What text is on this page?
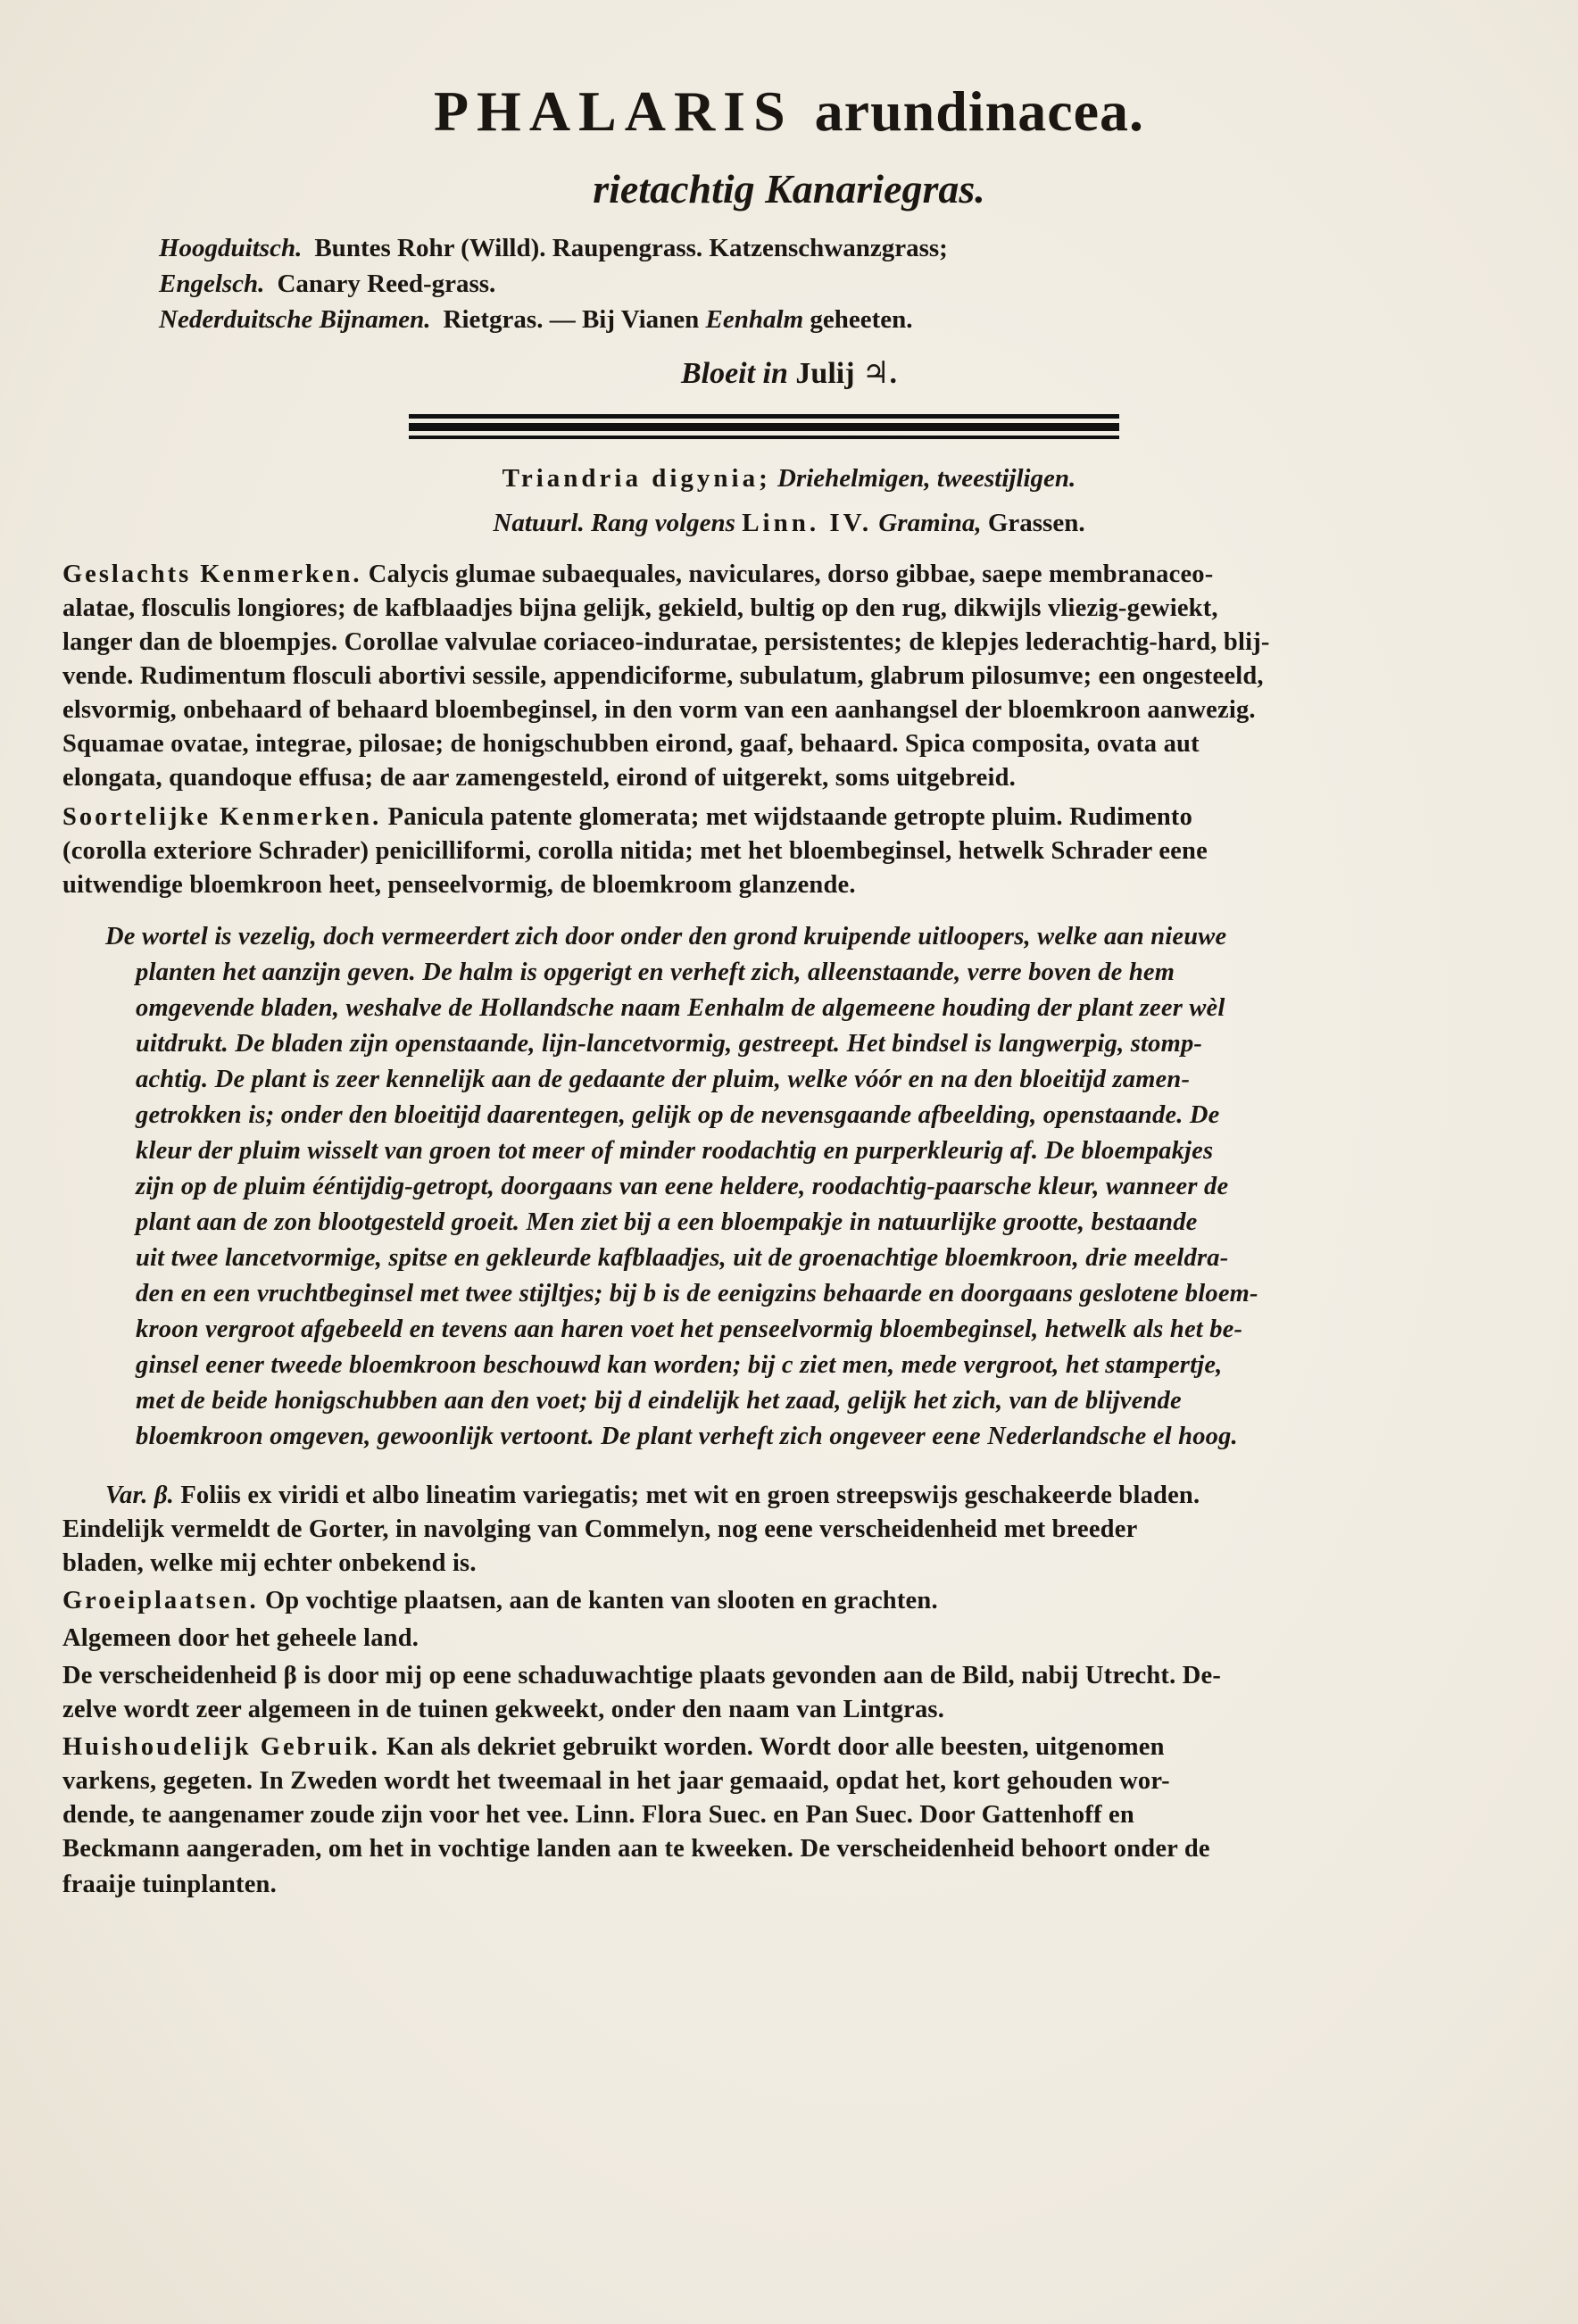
PHALARIS arundinacea.
rietachtig Kanariegras.
Hoogduitsch. Buntes Rohr (Willd). Raupengrass. Katzenschwanzgrass;
Engelsch. Canary Reed-grass.
Nederduitsche Bijnamen. Rietgras. — Bij Vianen Eenhalm geheeten.
Bloeit in Julij ♃.
Triandria digynia; Driehelmigen, tweestijligen.
Natuurl. Rang volgens Linn. IV. Gramina, Grassen.
Geslachts Kenmerken. Calycis glumae subaequales, naviculares, dorso gibbae, saepe membranaceo-
alatae, flosculis longiores; de kafblaadjes bijna gelijk, gekield, bultig op den rug, dikwijls vliezig-gewiekt,
langer dan de bloempjes. Corollae valvulae coriaceo-induratae, persistentes; de klepjes lederachtig-hard, blij-
vende. Rudimentum flosculi abortivi sessile, appendiciforme, subulatum, glabrum pilosumve; een ongesteeld,
elsvormig, onbehaard of behaard bloembeginsel, in den vorm van een aanhangsel der bloemkroon aanwezig.
Squamae ovatae, integrae, pilosae; de honigschubben eirond, gaaf, behaard. Spica composita, ovata aut
elongata, quandoque effusa; de aar zamengesteld, eirond of uitgerekt, soms uitgebreid.
Soortelijke Kenmerken. Panicula patente glomerata; met wijdstaande getropte pluim. Rudimento
(corolla exteriore Schrader) penicilliformi, corolla nitida; met het bloembeginsel, hetwelk Schrader eene
uitwendige bloemkroon heet, penseelvormig, de bloemkroom glanzende.
De wortel is vezelig, doch vermeerdert zich door onder den grond kruipende uitloopers, welke aan nieuwe
planten het aanzijn geven. De halm is opgerigt en verheft zich, alleenstaande, verre boven de hem
omgevende bladen, weshalve de Hollandsche naam Eenhalm de algemeene houding der plant zeer wèl
uitdrukt. De bladen zijn openstaande, lijn-lancetvormig, gestreept. Het bindsel is langwerpig, stomp-
achtig. De plant is zeer kennelijk aan de gedaante der pluim, welke vóór en na den bloeitijd zamen-
getrokken is; onder den bloeitijd daarentegen, gelijk op de nevensgaande afbeelding, openstaande. De
kleur der pluim wisselt van groen tot meer of minder roodachtig en purperkleurig af. De bloempakjes
zijn op de pluim ééntijdig-getropt, doorgaans van eene heldere, roodachtig-paarsche kleur, wanneer de
plant aan de zon blootgesteld groeit. Men ziet bij a een bloempakje in natuurlijke grootte, bestaande
uit twee lancetvormige, spitse en gekleurde kafblaadjes, uit de groenachtige bloemkroon, drie meeldra-
den en een vruchtbeginsel met twee stijltjes; bij b is de eenigzins behaarde en doorgaans geslotene bloem-
kroon vergroot afgebeeld en tevens aan haren voet het penseelvormig bloembeginsel, hetwelk als het be-
ginsel eener tweede bloemkroon beschouwd kan worden; bij c ziet men, mede vergroot, het stampertje,
met de beide honigschubben aan den voet; bij d eindelijk het zaad, gelijk het zich, van de blijvende
bloemkroon omgeven, gewoonlijk vertoont. De plant verheft zich ongeveer eene Nederlandsche el hoog.
Var. β. Foliis ex viridi et albo lineatim variegatis; met wit en groen streepswijs geschakeerde bladen.
Eindelijk vermeldt de Gorter, in navolging van Commelyn, nog eene verscheidenheid met breeder
bladen, welke mij echter onbekend is.
Groeiplaatsen. Op vochtige plaatsen, aan de kanten van slooten en grachten.
Algemeen door het geheele land.
De verscheidenheid β is door mij op eene schaduwachtige plaats gevonden aan de Bild, nabij Utrecht. De-
zelve wordt zeer algemeen in de tuinen gekweekt, onder den naam van Lintgras.
Huishoudelijk Gebruik. Kan als dekriet gebruikt worden. Wordt door alle beesten, uitgenomen
varkens, gegeten. In Zweden wordt het tweemaal in het jaar gemaaid, opdat het, kort gehouden wor-
dende, te aangenamer zoude zijn voor het vee. Linn. Flora Suec. en Pan Suec. Door Gattenhoff en
Beckmann aangeraden, om het in vochtige landen aan te kweeken. De verscheidenheid behoort onder de
fraaije tuinplanten.
